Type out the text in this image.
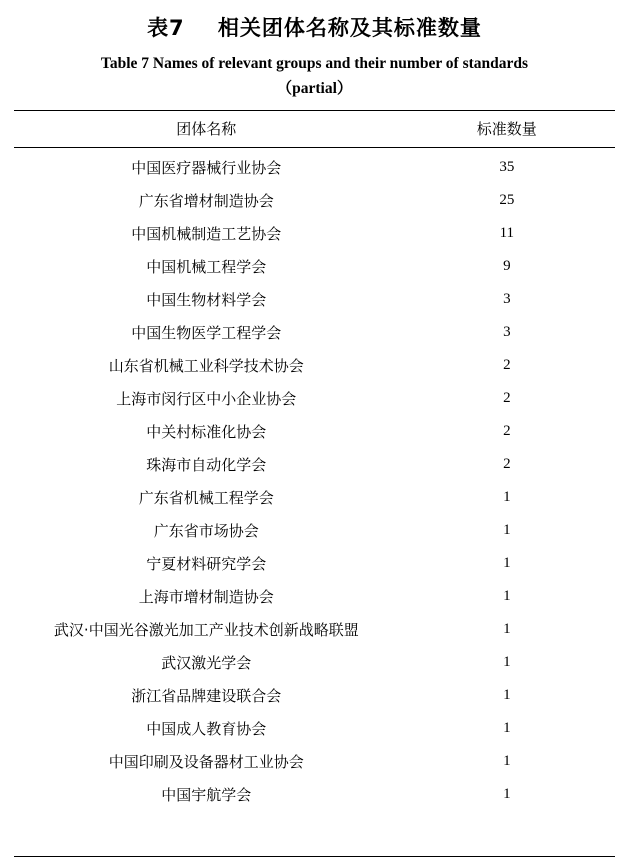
表7    相关团体名称及其标准数量
Table 7 Names of relevant groups and their number of standards
（partial）
团体名称	标准数量
中国医疗器械行业协会	35
广东省增材制造协会	25
中国机械制造工艺协会	11
中国机械工程学会	9
中国生物材料学会	3
中国生物医学工程学会	3
山东省机械工业科学技术协会	2
上海市闵行区中小企业协会	2
中关村标准化协会	2
珠海市自动化学会	2
广东省机械工程学会	1
广东省市场协会	1
宁夏材料研究学会	1
上海市增材制造协会	1
武汉·中国光谷激光加工产业技术创新战略联盟	1
武汉激光学会	1
浙江省品牌建设联合会	1
中国成人教育协会	1
中国印刷及设备器材工业协会	1
中国宇航学会	1
